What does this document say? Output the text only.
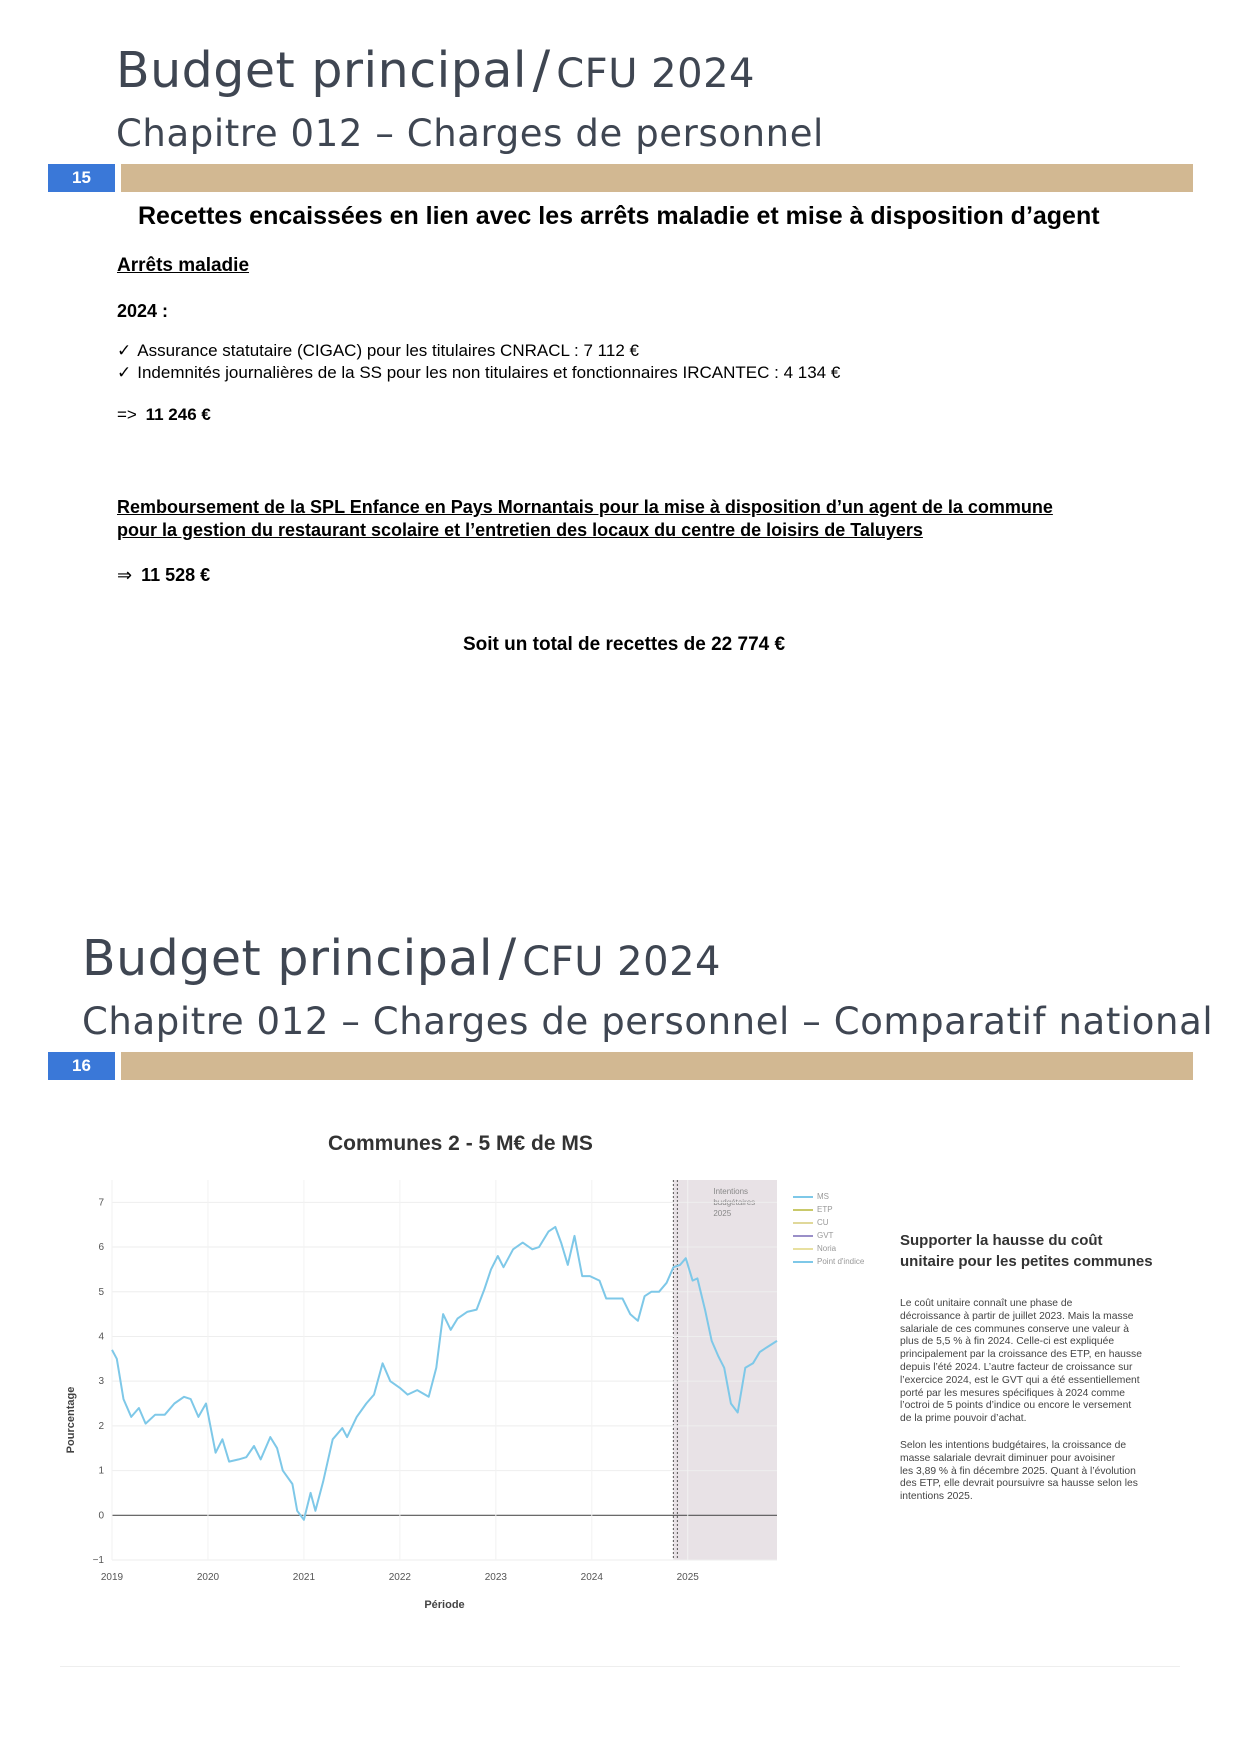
Budget principal / CFU 2024
Chapitre 012 – Charges de personnel
15
Recettes encaissées en lien avec les arrêts maladie et mise à disposition d’agent
Arrêts maladie
2024 :
✓ Assurance statutaire (CIGAC) pour les titulaires CNRACL : 7 112 €
✓ Indemnités journalières de la SS pour les non titulaires et fonctionnaires IRCANTEC : 4 134 €
=> 11 246 €
Remboursement de la SPL Enfance en Pays Mornantais pour la mise à disposition d’un agent de la commune
pour la gestion du restaurant scolaire et l’entretien des locaux du centre de loisirs de Taluyers
⇒ 11 528 €
Soit un total de recettes de 22 774 €
Budget principal / CFU 2024
Chapitre 012 – Charges de personnel – Comparatif national
16
Communes 2 - 5 M€ de MS
Intentions
budgétaires
2025
7
6
5
4
3
2
1
0
−1
2019	2020	2021	2022	2023	2024	2025
Période
Pourcentage
MS
ETP
CU
GVT
Noria
Point d'indice
Supporter la hausse du coût
unitaire pour les petites communes
Le coût unitaire connaît une phase de
décroissance à partir de juillet 2023. Mais la masse
salariale de ces communes conserve une valeur à
plus de 5,5 % à fin 2024. Celle-ci est expliquée
principalement par la croissance des ETP, en hausse
depuis l’été 2024. L’autre facteur de croissance sur
l’exercice 2024, est le GVT qui a été essentiellement
porté par les mesures spécifiques à 2024 comme
l’octroi de 5 points d’indice ou encore le versement
de la prime pouvoir d’achat.
Selon les intentions budgétaires, la croissance de
masse salariale devrait diminuer pour avoisiner
les 3,89 % à fin décembre 2025. Quant à l’évolution
des ETP, elle devrait poursuivre sa hausse selon les
intentions 2025.
